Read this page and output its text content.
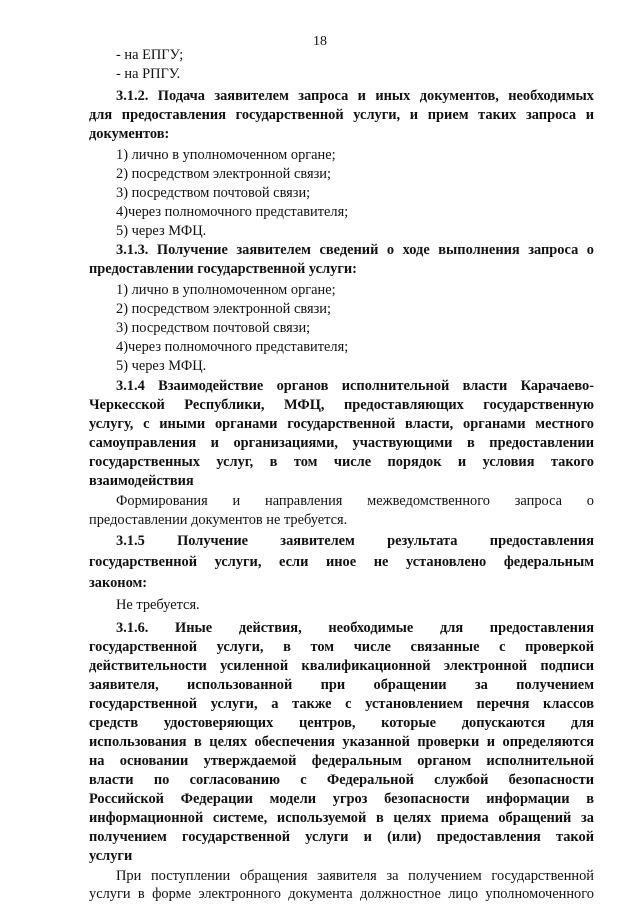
18
- на ЕПГУ;
- на РПГУ.
3.1.2. Подача заявителем запроса и иных документов, необходимых
для предоставления государственной услуги, и прием таких запроса и
документов:
1) лично в уполномоченном органе;
2) посредством электронной связи;
3) посредством почтовой связи;
4)через полномочного представителя;
5) через МФЦ.
3.1.3. Получение заявителем сведений о ходе выполнения запроса о
предоставлении государственной услуги:
1) лично в уполномоченном органе;
2) посредством электронной связи;
3) посредством почтовой связи;
4)через полномочного представителя;
5) через МФЦ.
3.1.4 Взаимодействие органов исполнительной власти Карачаево-
Черкесской Республики, МФЦ, предоставляющих государственную
услугу, с иными органами государственной власти, органами местного
самоуправления и организациями, участвующими в предоставлении
государственных услуг, в том числе порядок и условия такого
взаимодействия
Формирования и направления межведомственного запроса о
предоставлении документов не требуется.
3.1.5 Получение заявителем результата предоставления
государственной услуги, если иное не установлено федеральным
законом:
Не требуется.
3.1.6. Иные действия, необходимые для предоставления
государственной услуги, в том числе связанные с проверкой
действительности усиленной квалификационной электронной подписи
заявителя, использованной при обращении за получением
государственной услуги, а также с установлением перечня классов
средств удостоверяющих центров, которые допускаются для
использования в целях обеспечения указанной проверки и определяются
на основании утверждаемой федеральным органом исполнительной
власти по согласованию с Федеральной службой безопасности
Российской Федерации модели угроз безопасности информации в
информационной системе, используемой в целях приема обращений за
получением государственной услуги и (или) предоставления такой
услуги
При поступлении обращения заявителя за получением государственной
услуги в форме электронного документа должностное лицо уполномоченного
